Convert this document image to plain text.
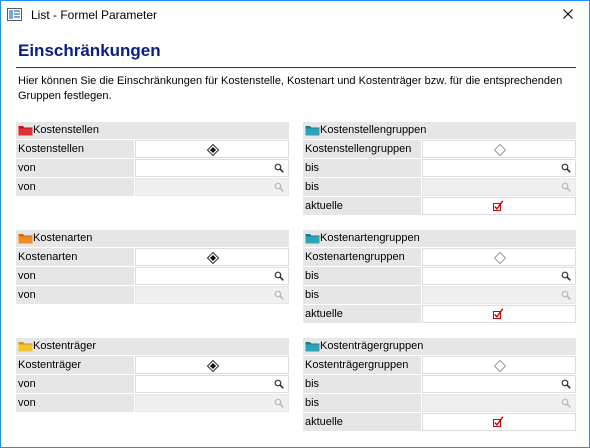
List - Formel Parameter
Einschränkungen
Hier können Sie die Einschränkungen für Kostenstelle, Kostenart und Kostenträger bzw. für die entsprechenden Gruppen festlegen.
Kostenstellen
Kostenstellen
von
von
Kostenarten
Kostenarten
von
von
Kostenträger
Kostenträger
von
von
Kostenstellengruppen
Kostenstellengruppen
bis
bis
aktuelle
Kostenartengruppen
Kostenartengruppen
bis
bis
aktuelle
Kostenträgergruppen
Kostenträgergruppen
bis
bis
aktuelle
